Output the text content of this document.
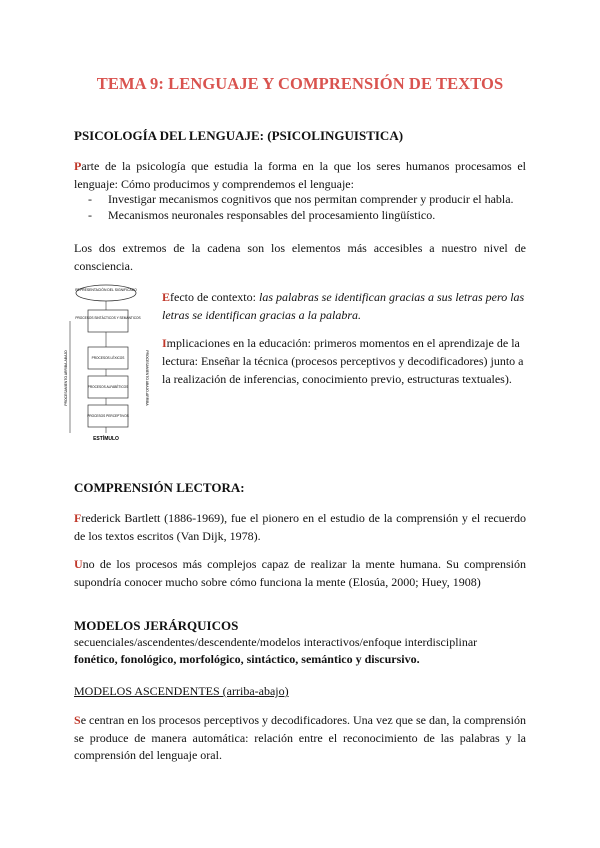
TEMA 9: LENGUAJE Y COMPRENSIÓN DE TEXTOS
PSICOLOGÍA DEL LENGUAJE: (PSICOLINGUISTICA)

Parte de la psicología que estudia la forma en la que los seres humanos procesamos el lenguaje: Cómo producimos y comprendemos el lenguaje:

- Investigar mecanismos cognitivos que nos permitan comprender y producir el habla.
- Mecanismos neuronales responsables del procesamiento lingüístico.

Los dos extremos de la cadena son los elementos más accesibles a nuestro nivel de consciencia.

REPRESENTACIÓN DEL SIGNIFICADO
PROCESOS SINTÁCTICOS Y SEMÁNTICOS
PROCESOS LÉXICOS
PROCESOS ALFABÉTICOS
PROCESOS PERCEPTIVOS
ESTÍMULO
PROCESAMIENTO ARRIBA-ABAJO	PROCESAMIENTO ABAJO-ARRIBA

Efecto de contexto: las palabras se identifican gracias a sus letras pero las letras se identifican gracias a la palabra.

Implicaciones en la educación: primeros momentos en el aprendizaje de la lectura: Enseñar la técnica (procesos perceptivos y decodificadores) junto a la realización de inferencias, conocimiento previo, estructuras textuales).

COMPRENSIÓN LECTORA:

Frederick Bartlett (1886-1969), fue el pionero en el estudio de la comprensión y el recuerdo de los textos escritos (Van Dijk, 1978).

Uno de los procesos más complejos capaz de realizar la mente humana. Su comprensión supondría conocer mucho sobre cómo funciona la mente (Elosúa, 2000; Huey, 1908)

MODELOS JERÁRQUICOS
secuenciales/ascendentes/descendente/modelos interactivos/enfoque interdisciplinar
fonético, fonológico, morfológico, sintáctico, semántico y discursivo.
MODELOS ASCENDENTES (arriba-abajo)

Se centran en los procesos perceptivos y decodificadores. Una vez que se dan, la comprensión se produce de manera automática: relación entre el reconocimiento de las palabras y la comprensión del lenguaje oral.
